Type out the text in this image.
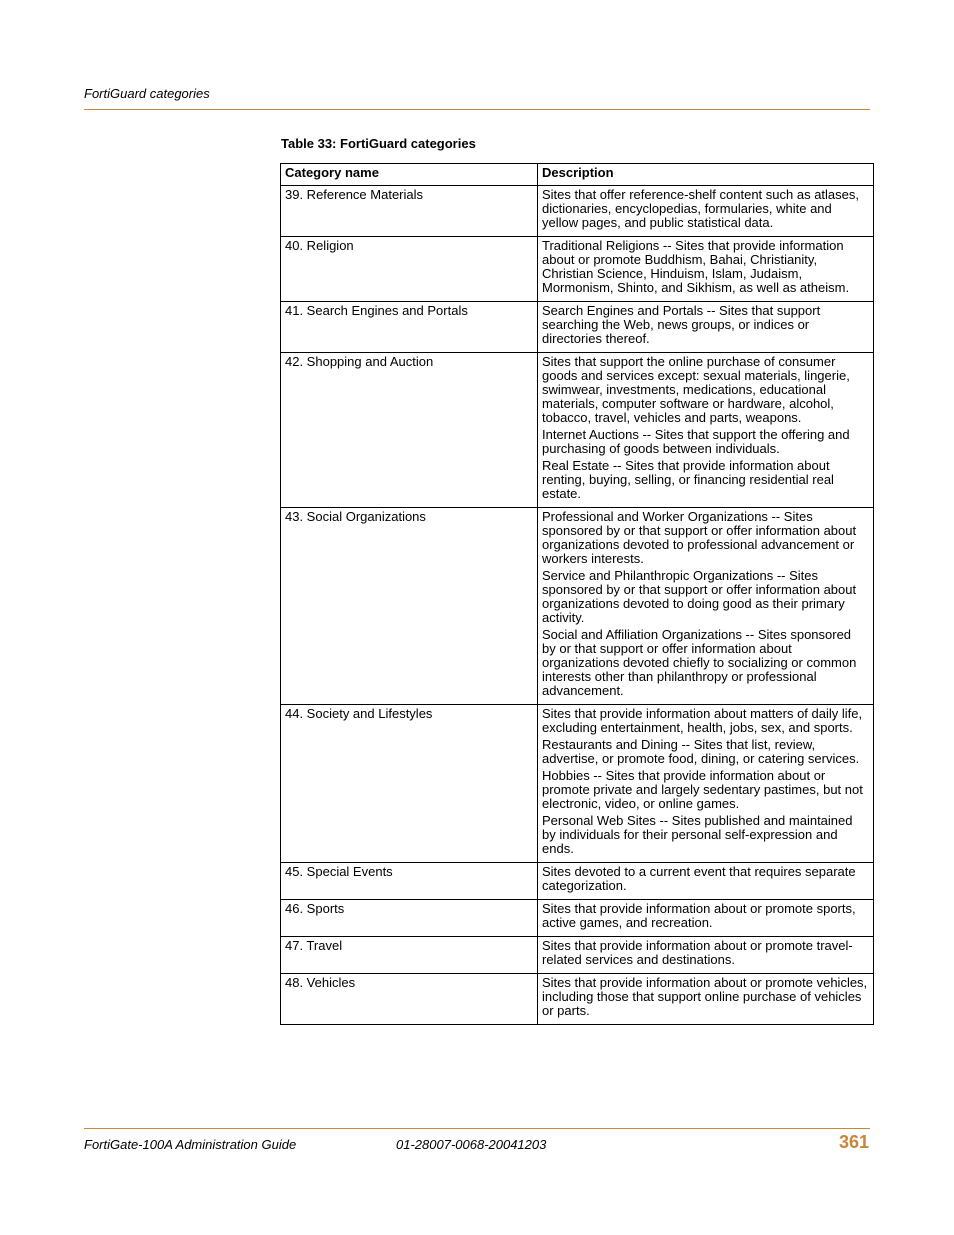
FortiGuard categories
Table 33: FortiGuard categories
Category name	Description
39. Reference Materials	Sites that offer reference-shelf content such as atlases, dictionaries, encyclopedias, formularies, white and yellow pages, and public statistical data.

40. Religion	Traditional Religions -- Sites that provide information about or promote Buddhism, Bahai, Christianity, Christian Science, Hinduism, Islam, Judaism, Mormonism, Shinto, and Sikhism, as well as atheism.

41. Search Engines and Portals	Search Engines and Portals -- Sites that support searching the Web, news groups, or indices or directories thereof.

42. Shopping and Auction	Sites that support the online purchase of consumer goods and services except: sexual materials, lingerie, swimwear, investments, medications, educational materials, computer software or hardware, alcohol, tobacco, travel, vehicles and parts, weapons.
Internet Auctions -- Sites that support the offering and purchasing of goods between individuals.
Real Estate -- Sites that provide information about renting, buying, selling, or financing residential real estate.

43. Social Organizations	Professional and Worker Organizations -- Sites sponsored by or that support or offer information about organizations devoted to professional advancement or workers interests.
Service and Philanthropic Organizations -- Sites sponsored by or that support or offer information about organizations devoted to doing good as their primary activity.
Social and Affiliation Organizations -- Sites sponsored by or that support or offer information about organizations devoted chiefly to socializing or common interests other than philanthropy or professional advancement.

44. Society and Lifestyles	Sites that provide information about matters of daily life, excluding entertainment, health, jobs, sex, and sports.
Restaurants and Dining -- Sites that list, review, advertise, or promote food, dining, or catering services.
Hobbies -- Sites that provide information about or promote private and largely sedentary pastimes, but not electronic, video, or online games.
Personal Web Sites -- Sites published and maintained by individuals for their personal self-expression and ends.

45. Special Events	Sites devoted to a current event that requires separate categorization.

46. Sports	Sites that provide information about or promote sports, active games, and recreation.

47. Travel	Sites that provide information about or promote travel-related services and destinations.

48. Vehicles	Sites that provide information about or promote vehicles, including those that support online purchase of vehicles or parts.
FortiGate-100A Administration Guide	01-28007-0068-20041203	361
